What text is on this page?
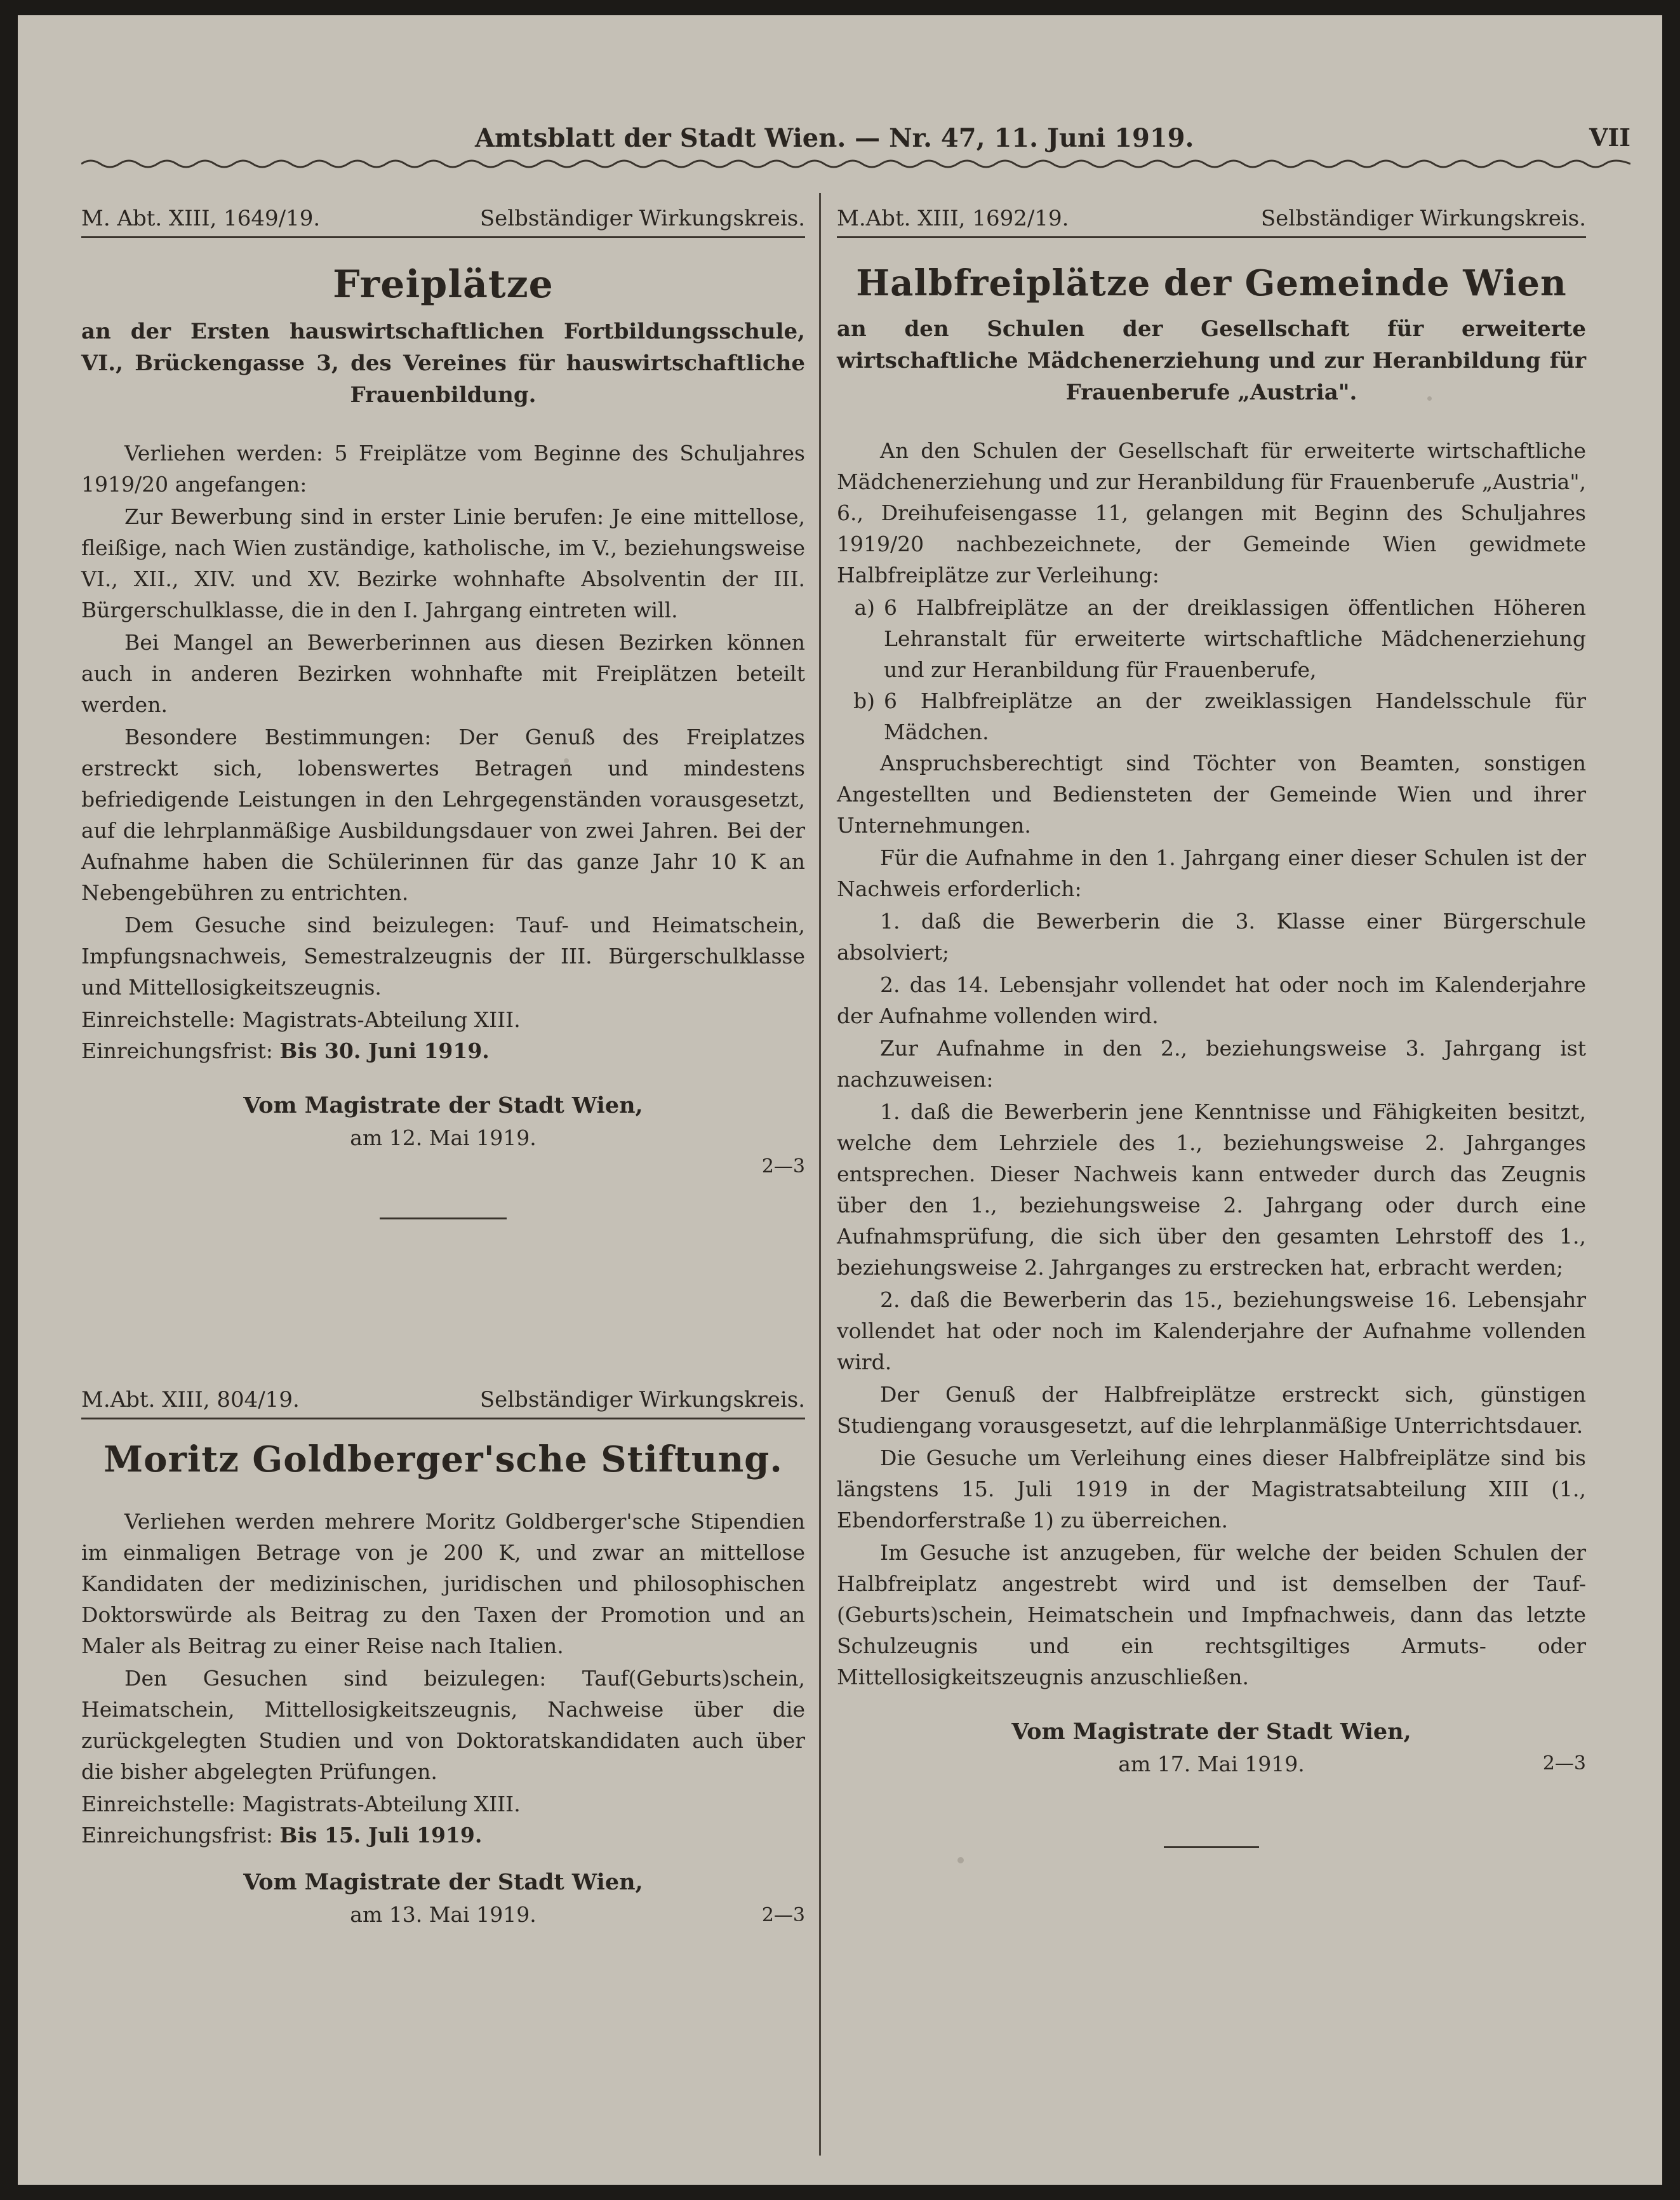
Amtsblatt der Stadt Wien. — Nr. 47, 11. Juni 1919.	VII
M. Abt. XIII, 1649/19.	Selbständiger Wirkungskreis.
Freiplätze
an der Ersten hauswirtschaftlichen Fortbildungsschule, VI., Brückengasse 3, des Vereines für hauswirtschaftliche Frauenbildung.

Verliehen werden: 5 Freiplätze vom Beginne des Schuljahres 1919/20 angefangen:

Zur Bewerbung sind in erster Linie berufen: Je eine mittellose, fleißige, nach Wien zuständige, katholische, im V., beziehungsweise VI., XII., XIV. und XV. Bezirke wohnhafte Absolventin der III. Bürgerschulklasse, die in den I. Jahrgang eintreten will.

Bei Mangel an Bewerberinnen aus diesen Bezirken können auch in anderen Bezirken wohnhafte mit Freiplätzen beteilt werden.

Besondere Bestimmungen: Der Genuß des Freiplatzes erstreckt sich, lobenswertes Betragen und mindestens befriedigende Leistungen in den Lehrgegenständen vorausgesetzt, auf die lehrplanmäßige Ausbildungsdauer von zwei Jahren. Bei der Aufnahme haben die Schülerinnen für das ganze Jahr 10 K an Nebengebühren zu entrichten.

Dem Gesuche sind beizulegen: Tauf- und Heimatschein, Impfungsnachweis, Semestralzeugnis der III. Bürgerschulklasse und Mittellosigkeitszeugnis.

Einreichstelle: Magistrats-Abteilung XIII.
Einreichungsfrist: Bis 30. Juni 1919.
Vom Magistrate der Stadt Wien,
am 12. Mai 1919.
2—3
M.Abt. XIII, 804/19.	Selbständiger Wirkungskreis.
Moritz Goldberger'sche Stiftung.

Verliehen werden mehrere Moritz Goldberger'sche Stipendien im einmaligen Betrage von je 200 K, und zwar an mittellose Kandidaten der medizinischen, juridischen und philosophischen Doktorswürde als Beitrag zu den Taxen der Promotion und an Maler als Beitrag zu einer Reise nach Italien.

Den Gesuchen sind beizulegen: Tauf(Geburts)schein, Heimatschein, Mittellosigkeitszeugnis, Nachweise über die zurückgelegten Studien und von Doktoratskandidaten auch über die bisher abgelegten Prüfungen.

Einreichstelle: Magistrats-Abteilung XIII.
Einreichungsfrist: Bis 15. Juli 1919.
Vom Magistrate der Stadt Wien,
am 13. Mai 1919.	2—3
M.Abt. XIII, 1692/19.	Selbständiger Wirkungskreis.
Halbfreiplätze der Gemeinde Wien
an den Schulen der Gesellschaft für erweiterte wirtschaftliche Mädchenerziehung und zur Heranbildung für Frauenberufe „Austria".

An den Schulen der Gesellschaft für erweiterte wirtschaftliche Mädchenerziehung und zur Heranbildung für Frauenberufe „Austria", 6., Dreihufeisengasse 11, gelangen mit Beginn des Schuljahres 1919/20 nachbezeichnete, der Gemeinde Wien gewidmete Halbfreiplätze zur Verleihung:

a) 6 Halbfreiplätze an der dreiklassigen öffentlichen Höheren Lehranstalt für erweiterte wirtschaftliche Mädchenerziehung und zur Heranbildung für Frauenberufe,
b) 6 Halbfreiplätze an der zweiklassigen Handelsschule für Mädchen.

Anspruchsberechtigt sind Töchter von Beamten, sonstigen Angestellten und Bediensteten der Gemeinde Wien und ihrer Unternehmungen.

Für die Aufnahme in den 1. Jahrgang einer dieser Schulen ist der Nachweis erforderlich:

1. daß die Bewerberin die 3. Klasse einer Bürgerschule absolviert;

2. das 14. Lebensjahr vollendet hat oder noch im Kalenderjahre der Aufnahme vollenden wird.

Zur Aufnahme in den 2., beziehungsweise 3. Jahrgang ist nachzuweisen:

1. daß die Bewerberin jene Kenntnisse und Fähigkeiten besitzt, welche dem Lehrziele des 1., beziehungsweise 2. Jahrganges entsprechen. Dieser Nachweis kann entweder durch das Zeugnis über den 1., beziehungsweise 2. Jahrgang oder durch eine Aufnahmsprüfung, die sich über den gesamten Lehrstoff des 1., beziehungsweise 2. Jahrganges zu erstrecken hat, erbracht werden;

2. daß die Bewerberin das 15., beziehungsweise 16. Lebensjahr vollendet hat oder noch im Kalenderjahre der Aufnahme vollenden wird.

Der Genuß der Halbfreiplätze erstreckt sich, günstigen Studiengang vorausgesetzt, auf die lehrplanmäßige Unterrichtsdauer.

Die Gesuche um Verleihung eines dieser Halbfreiplätze sind bis längstens 15. Juli 1919 in der Magistratsabteilung XIII (1., Ebendorferstraße 1) zu überreichen.

Im Gesuche ist anzugeben, für welche der beiden Schulen der Halbfreiplatz angestrebt wird und ist demselben der Tauf- (Geburts)schein, Heimatschein und Impfnachweis, dann das letzte Schulzeugnis und ein rechtsgiltiges Armuts- oder Mittellosigkeitszeugnis anzuschließen.

Vom Magistrate der Stadt Wien,
am 17. Mai 1919.	2—3
